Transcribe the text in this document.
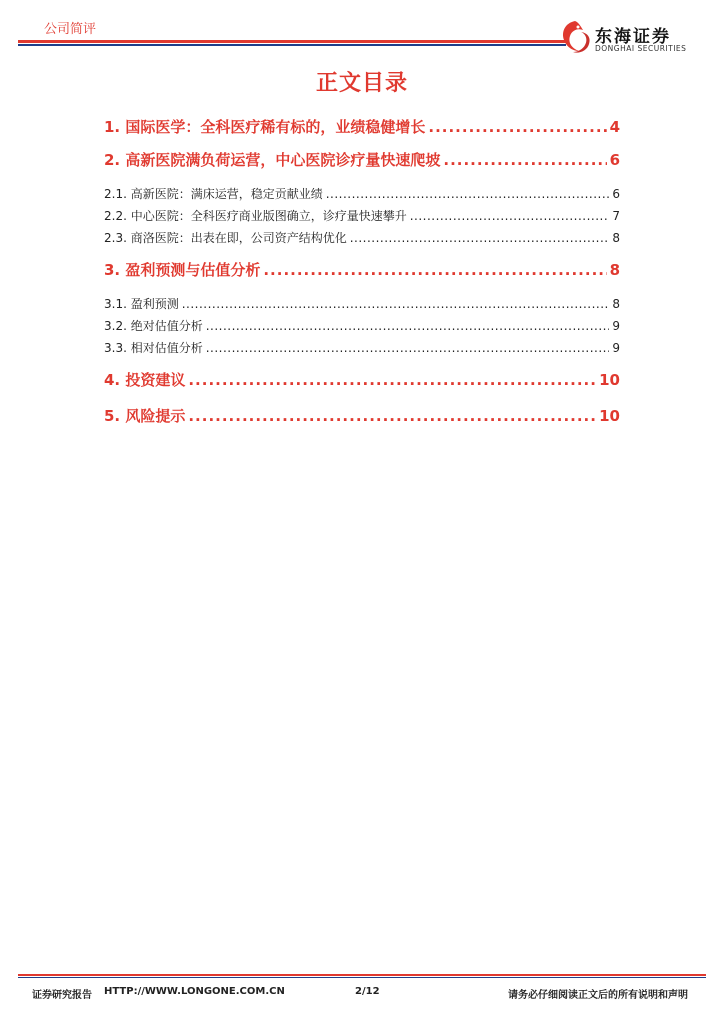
公司简评	东海证券
DONGHAI SECURITIES
正文目录
1. 国际医学：全科医疗稀有标的，业绩稳健增长 .....	4
2. 高新医院满负荷运营，中心医院诊疗量快速爬坡 .....	6
2.1. 高新医院：满床运营，稳定贡献业绩 .....	6
2.2. 中心医院：全科医疗商业版图确立，诊疗量快速攀升 .....	7
2.3. 商洛医院：出表在即，公司资产结构优化 .....	8
3. 盈利预测与估值分析 .....	8
3.1. 盈利预测 .....	8
3.2. 绝对估值分析 .....	9
3.3. 相对估值分析 .....	9
4. 投资建议 .....	10
5. 风险提示 .....	10
证券研究报告 HTTP://WWW.LONGONE.COM.CN	2/12	请务必仔细阅读正文后的所有说明和声明
